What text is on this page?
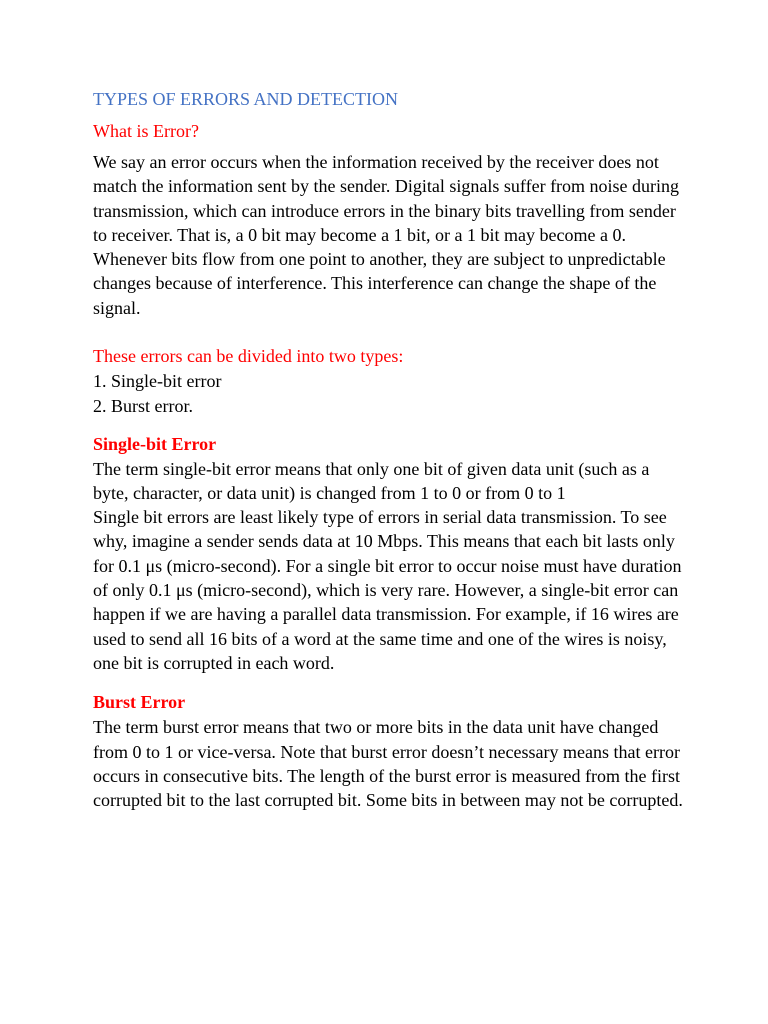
TYPES OF ERRORS AND DETECTION
What is Error?

We say an error occurs when the information received by the receiver does not match the information sent by the sender. Digital signals suffer from noise during transmission, which can introduce errors in the binary bits travelling from sender to receiver. That is, a 0 bit may become a 1 bit, or a 1 bit may become a 0. Whenever bits flow from one point to another, they are subject to unpredictable changes because of interference. This interference can change the shape of the signal.

These errors can be divided into two types:

1. Single-bit error

2. Burst error.

Single-bit Error

The term single-bit error means that only one bit of given data unit (such as a byte, character, or data unit) is changed from 1 to 0 or from 0 to 1

Single bit errors are least likely type of errors in serial data transmission. To see why, imagine a sender sends data at 10 Mbps. This means that each bit lasts only for 0.1 μs (micro-second). For a single bit error to occur noise must have duration of only 0.1 μs (micro-second), which is very rare. However, a single-bit error can happen if we are having a parallel data transmission. For example, if 16 wires are used to send all 16 bits of a word at the same time and one of the wires is noisy, one bit is corrupted in each word.

Burst Error

The term burst error means that two or more bits in the data unit have changed from 0 to 1 or vice-versa. Note that burst error doesn’t necessary means that error occurs in consecutive bits. The length of the burst error is measured from the first corrupted bit to the last corrupted bit. Some bits in between may not be corrupted.
